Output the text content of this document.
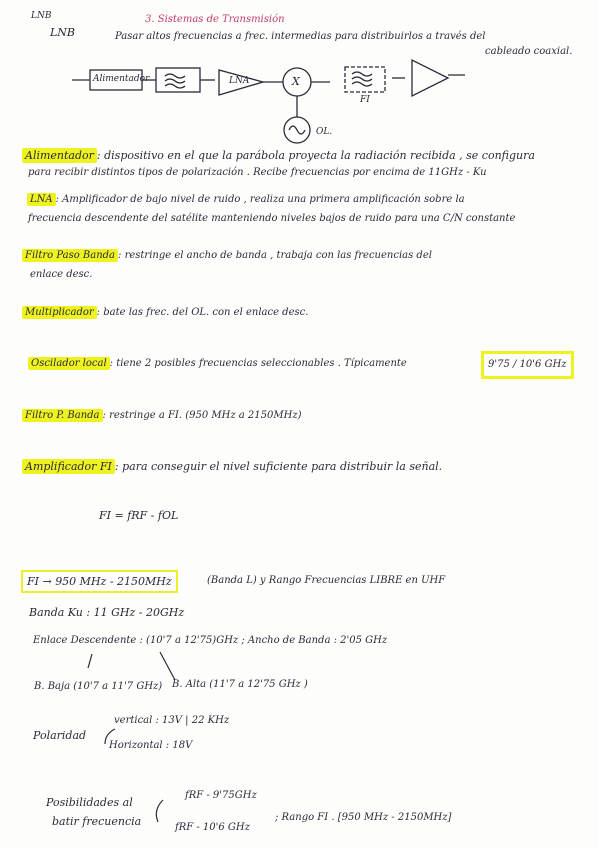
LNB
LNB
3. Sistemas de Transmisión
Pasar altos frecuencias a frec. intermedias para distribuirlos a través del
cableado coaxial.
Alimentador	LNA	X
FI
OL.
Alimentador : dispositivo en el que la parábola proyecta la radiación recibida , se configura
para recibir distintos tipos de polarización . Recibe frecuencias por encima de 11GHz - Ku
LNA : Amplificador de bajo nivel de ruido , realiza una primera amplificación sobre la
frecuencia descendente del satélite manteniendo niveles bajos de ruido para una C/N constante
Filtro Paso Banda : restringe el ancho de banda , trabaja con las frecuencias del
enlace desc.
Multiplicador : bate las frec. del OL. con el enlace desc.
Oscilador local : tiene 2 posibles frecuencias seleccionables . Típicamente	9'75 / 10'6 GHz
Filtro P. Banda : restringe a FI. (950 MHz a 2150MHz)
Amplificador FI : para conseguir el nivel suficiente para distribuir la señal.
FI = fRF - fOL
FI → 950 MHz - 2150MHz	(Banda L) y Rango Frecuencias LIBRE en UHF
Banda Ku : 11 GHz - 20GHz
Enlace Descendente : (10'7 a 12'75)GHz ; Ancho de Banda : 2'05 GHz
B. Baja (10'7 a 11'7 GHz) B. Alta (11'7 a 12'75 GHz )
Polaridad
vertical : 13V | 22 KHz
Horizontal : 18V
Posibilidades al
batir frecuencia
fRF - 9'75GHz
fRF - 10'6 GHz
; Rango FI . [950 MHz - 2150MHz]
